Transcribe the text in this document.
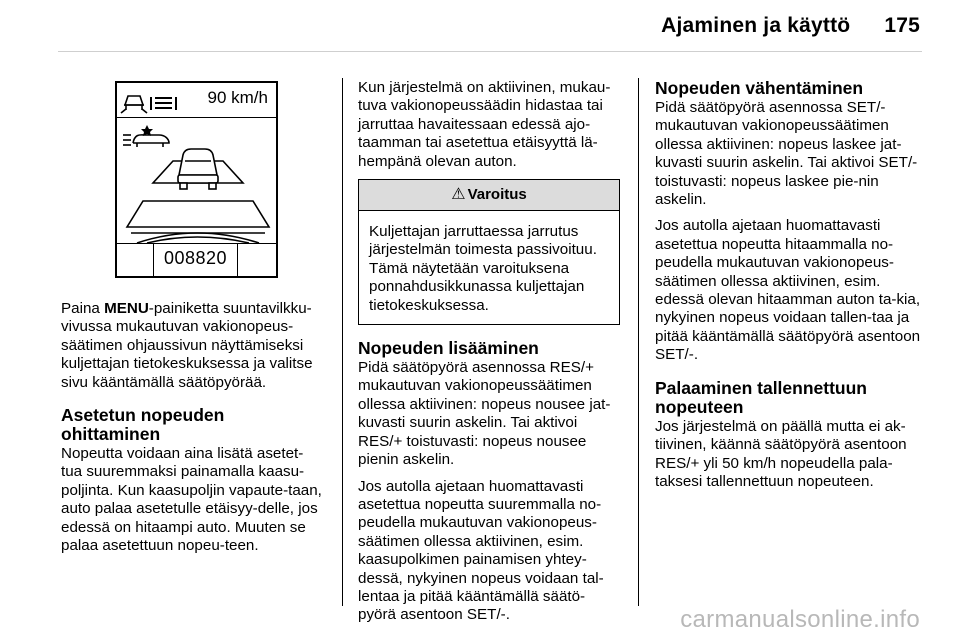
Ajaminen ja käyttö 175
90 km/h
008820

Paina MENU-painiketta suuntavilkku-vivussa mukautuvan vakionopeus-säätimen ohjaussivun näyttämiseksi kuljettajan tietokeskuksessa ja valitse sivu kääntämällä säätöpyörää.

Asetetun nopeuden ohittaminen

Nopeutta voidaan aina lisätä asetet-tua suuremmaksi painamalla kaasu-poljinta. Kun kaasupoljin vapaute-taan, auto palaa asetetulle etäisyy-delle, jos edessä on hitaampi auto. Muuten se palaa asetettuun nopeu-teen.

Kun järjestelmä on aktiivinen, mukau-tuva vakionopeussäädin hidastaa tai jarruttaa havaitessaan edessä ajo-taamman tai asetettua etäisyyttä lä-hempänä olevan auton.

⚠ Varoitus
Kuljettajan jarruttaessa jarrutus järjestelmän toimesta passivoituu. Tämä näytetään varoituksena ponnahdusikkunassa kuljettajan tietokeskuksessa.
Nopeuden lisääminen

Pidä säätöpyörä asennossa RES/+ mukautuvan vakionopeussäätimen ollessa aktiivinen: nopeus nousee jat-kuvasti suurin askelin. Tai aktivoi RES/+ toistuvasti: nopeus nousee pienin askelin.

Jos autolla ajetaan huomattavasti asetettua nopeutta suuremmalla no-peudella mukautuvan vakionopeus-säätimen ollessa aktiivinen, esim. kaasupolkimen painamisen yhtey-dessä, nykyinen nopeus voidaan tal-lentaa ja pitää kääntämällä säätö-pyörä asentoon SET/-.

Nopeuden vähentäminen

Pidä säätöpyörä asennossa SET/-mukautuvan vakionopeussäätimen ollessa aktiivinen: nopeus laskee jat-kuvasti suurin askelin. Tai aktivoi SET/- toistuvasti: nopeus laskee pie-nin askelin.

Jos autolla ajetaan huomattavasti asetettua nopeutta hitaammalla no-peudella mukautuvan vakionopeus-säätimen ollessa aktiivinen, esim. edessä olevan hitaamman auton ta-kia, nykyinen nopeus voidaan tallen-taa ja pitää kääntämällä säätöpyörä asentoon SET/-.

Palaaminen tallennettuun nopeuteen

Jos järjestelmä on päällä mutta ei ak-tiivinen, käännä säätöpyörä asentoon RES/+ yli 50 km/h nopeudella pala-taksesi tallennettuun nopeuteen.

carmanualsonline.info
